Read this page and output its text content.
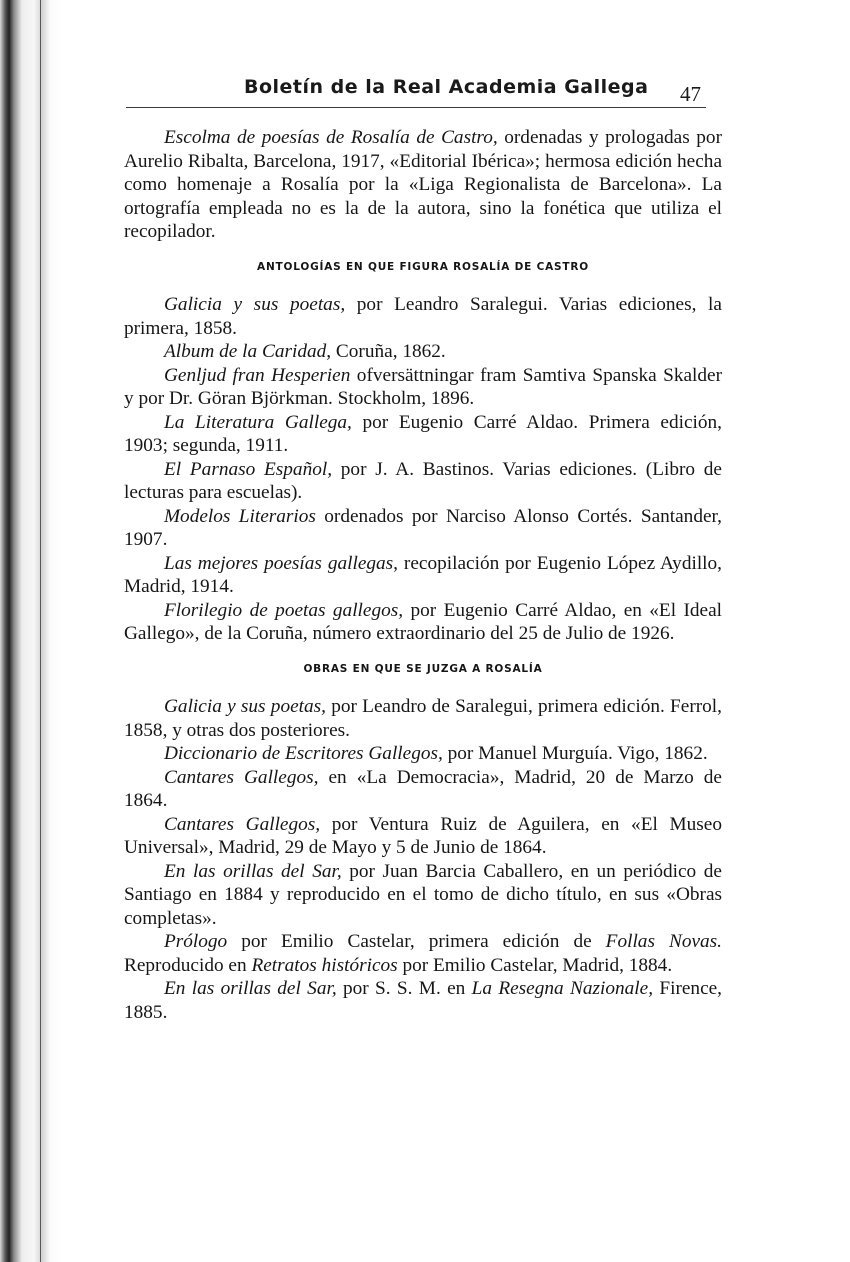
Boletín de la Real Academia Gallega 47

Escolma de poesías de Rosalía de Castro, ordenadas y prologadas por Aurelio Ribalta, Barcelona, 1917, «Editorial Ibérica»; hermosa edición hecha como homenaje a Rosalía por la «Liga Regionalista de Barcelona». La ortografía empleada no es la de la autora, sino la fonética que utiliza el recopilador.

ANTOLOGÍAS EN QUE FIGURA ROSALÍA DE CASTRO

Galicia y sus poetas, por Leandro Saralegui. Varias ediciones, la primera, 1858.

Album de la Caridad, Coruña, 1862.

Genljud fran Hesperien ofversättningar fram Samtiva Spanska Skalder y por Dr. Göran Björkman. Stockholm, 1896.

La Literatura Gallega, por Eugenio Carré Aldao. Primera edición, 1903; segunda, 1911.

El Parnaso Español, por J. A. Bastinos. Varias ediciones. (Libro de lecturas para escuelas).

Modelos Literarios ordenados por Narciso Alonso Cortés. Santander, 1907.

Las mejores poesías gallegas, recopilación por Eugenio López Aydillo, Madrid, 1914.

Florilegio de poetas gallegos, por Eugenio Carré Aldao, en «El Ideal Gallego», de la Coruña, número extraordinario del 25 de Julio de 1926.

OBRAS EN QUE SE JUZGA A ROSALÍA

Galicia y sus poetas, por Leandro de Saralegui, primera edición. Ferrol, 1858, y otras dos posteriores.

Diccionario de Escritores Gallegos, por Manuel Murguía. Vigo, 1862.

Cantares Gallegos, en «La Democracia», Madrid, 20 de Marzo de 1864.

Cantares Gallegos, por Ventura Ruiz de Aguilera, en «El Museo Universal», Madrid, 29 de Mayo y 5 de Junio de 1864.

En las orillas del Sar, por Juan Barcia Caballero, en un periódico de Santiago en 1884 y reproducido en el tomo de dicho título, en sus «Obras completas».

Prólogo por Emilio Castelar, primera edición de Follas Novas. Reproducido en Retratos históricos por Emilio Castelar, Madrid, 1884.

En las orillas del Sar, por S. S. M. en La Resegna Nazionale, Firence, 1885.
